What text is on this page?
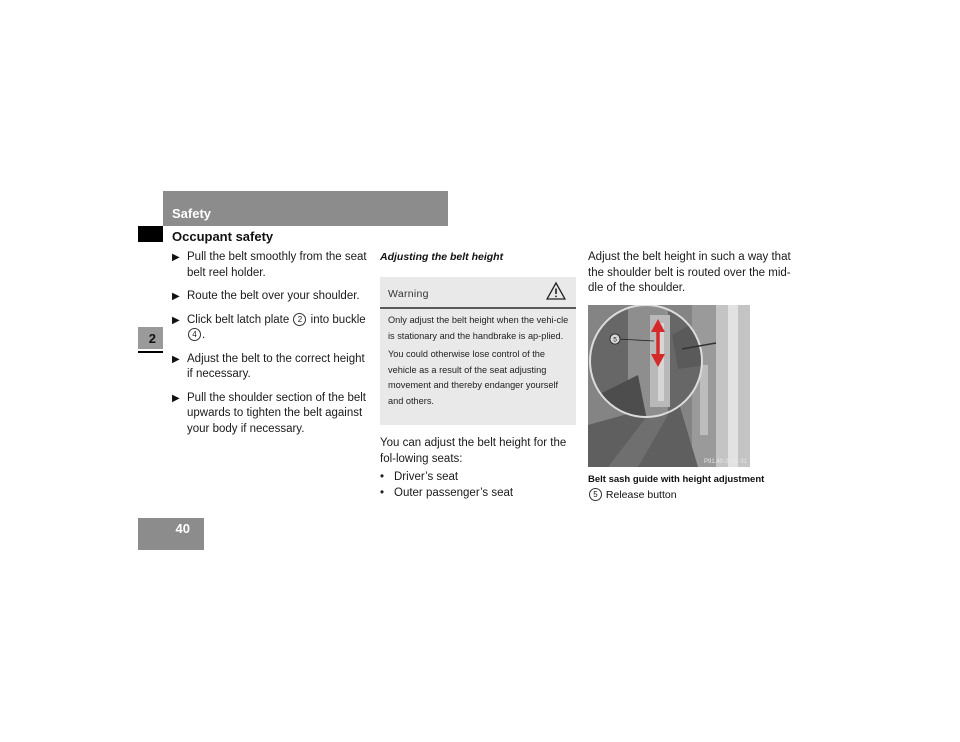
Safety
Occupant safety
2
40
▶ Pull the belt smoothly from the seat belt reel holder.
▶ Route the belt over your shoulder.
▶ Click belt latch plate 2 into buckle 4 .
▶ Adjust the belt to the correct height if necessary.
▶ Pull the shoulder section of the belt upwards to tighten the belt against your body if necessary.
Adjusting the belt height
Warning

Only adjust the belt height when the vehi-cle is stationary and the handbrake is ap-plied.

You could otherwise lose control of the vehicle as a result of the seat adjusting movement and thereby endanger yourself and others.

You can adjust the belt height for the fol-lowing seats:

• Driver’s seat
• Outer passenger’s seat
Adjust the belt height in such a way that the shoulder belt is routed over the mid-dle of the shoulder.
5
P91.40-2131-31
Belt sash guide with height adjustment
5 Release button
